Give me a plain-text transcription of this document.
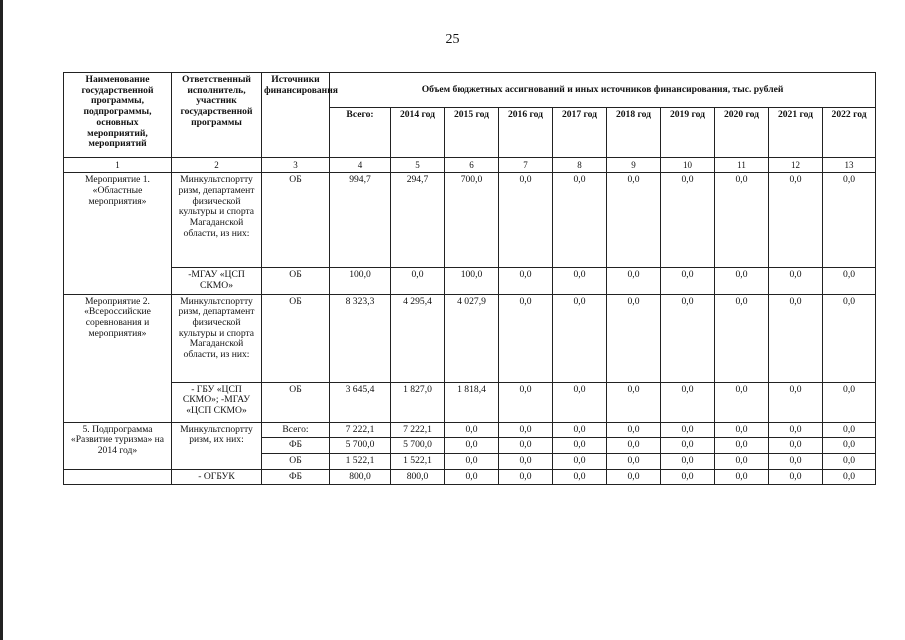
25
Наименование государственной программы, подпрограммы, основных мероприятий, мероприятий	Ответственный исполнитель, участник государственной программы	Источники финансирования	Объем бюджетных ассигнований и иных источников финансирования, тыс. рублей									
			Всего:	2014 год	2015 год	2016 год	2017 год	2018 год	2019 год	2020 год	2021 год	2022 год
1	2	3	4	5	6	7	8	9	10	11	12	13
Мероприятие 1. «Областные мероприятия»	Минкультспортту ризм, департамент физической культуры и спорта Магаданской области, из них:	ОБ	994,7	294,7	700,0	0,0	0,0	0,0	0,0	0,0	0,0	0,0
	-МГАУ «ЦСП СКМО»	ОБ	100,0	0,0	100,0	0,0	0,0	0,0	0,0	0,0	0,0	0,0
Мероприятие 2. «Всероссийские соревнования и мероприятия»	Минкультспортту ризм, департамент физической культуры и спорта Магаданской области, из них:	ОБ	8 323,3	4 295,4	4 027,9	0,0	0,0	0,0	0,0	0,0	0,0	0,0
	- ГБУ «ЦСП СКМО»; -МГАУ «ЦСП СКМО»	ОБ	3 645,4	1 827,0	1 818,4	0,0	0,0	0,0	0,0	0,0	0,0	0,0
5. Подпрограмма «Развитие туризма» на 2014 год»	Минкультспортту ризм, их них:	Всего:	7 222,1	7 222,1	0,0	0,0	0,0	0,0	0,0	0,0	0,0	0,0
		ФБ	5 700,0	5 700,0	0,0	0,0	0,0	0,0	0,0	0,0	0,0	0,0
		ОБ	1 522,1	1 522,1	0,0	0,0	0,0	0,0	0,0	0,0	0,0	0,0
	- ОГБУК	ФБ	800,0	800,0	0,0	0,0	0,0	0,0	0,0	0,0	0,0	0,0
